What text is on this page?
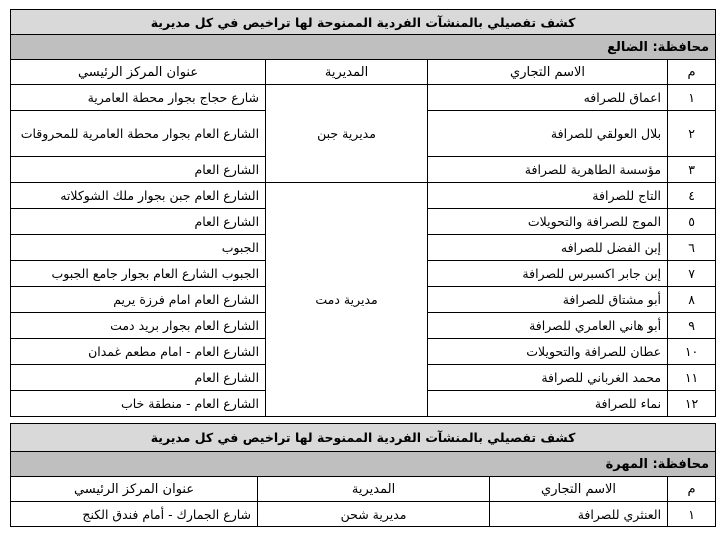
كشف تفصيلي بالمنشآت الفردية الممنوحة لها تراخيص في كل مديرية			
محافظة: الضالع			
م	الاسم التجاري	المديرية	عنوان المركز الرئيسي
١	اعماق للصرافه	مديرية جبن	شارع حجاج بجوار محطة العامرية
٢	بلال العولقي للصرافة		الشارع العام بجوار محطة العامرية للمحروقات
٣	مؤسسة الطاهرية للصرافة		الشارع العام
٤	التاج للصرافة	مديرية دمت	الشارع العام جبن بجوار ملك الشوكلاته
٥	الموج للصرافة والتحويلات		الشارع العام
٦	إبن الفضل للصرافه		الجبوب
٧	إبن جابر اكسبرس للصرافة		الجبوب الشارع العام بجوار جامع الجبوب
٨	أبو مشتاق للصرافة		الشارع العام امام فرزة يريم
٩	أبو هاني العامري للصرافة		الشارع العام بجوار بريد دمت
١٠	عطان للصرافة والتحويلات		الشارع العام - امام مطعم غمدان
١١	محمد الغرباني للصرافة		الشارع العام
١٢	نماء للصرافة		الشارع العام - منطقة خاب
كشف تفصيلي بالمنشآت الفردية الممنوحة لها تراخيص في كل مديرية			
محافظة: المهرة			
م	الاسم التجاري	المديرية	عنوان المركز الرئيسي
١	العنثري للصرافة	مديرية شحن	شارع الجمارك - أمام فندق الكنج
